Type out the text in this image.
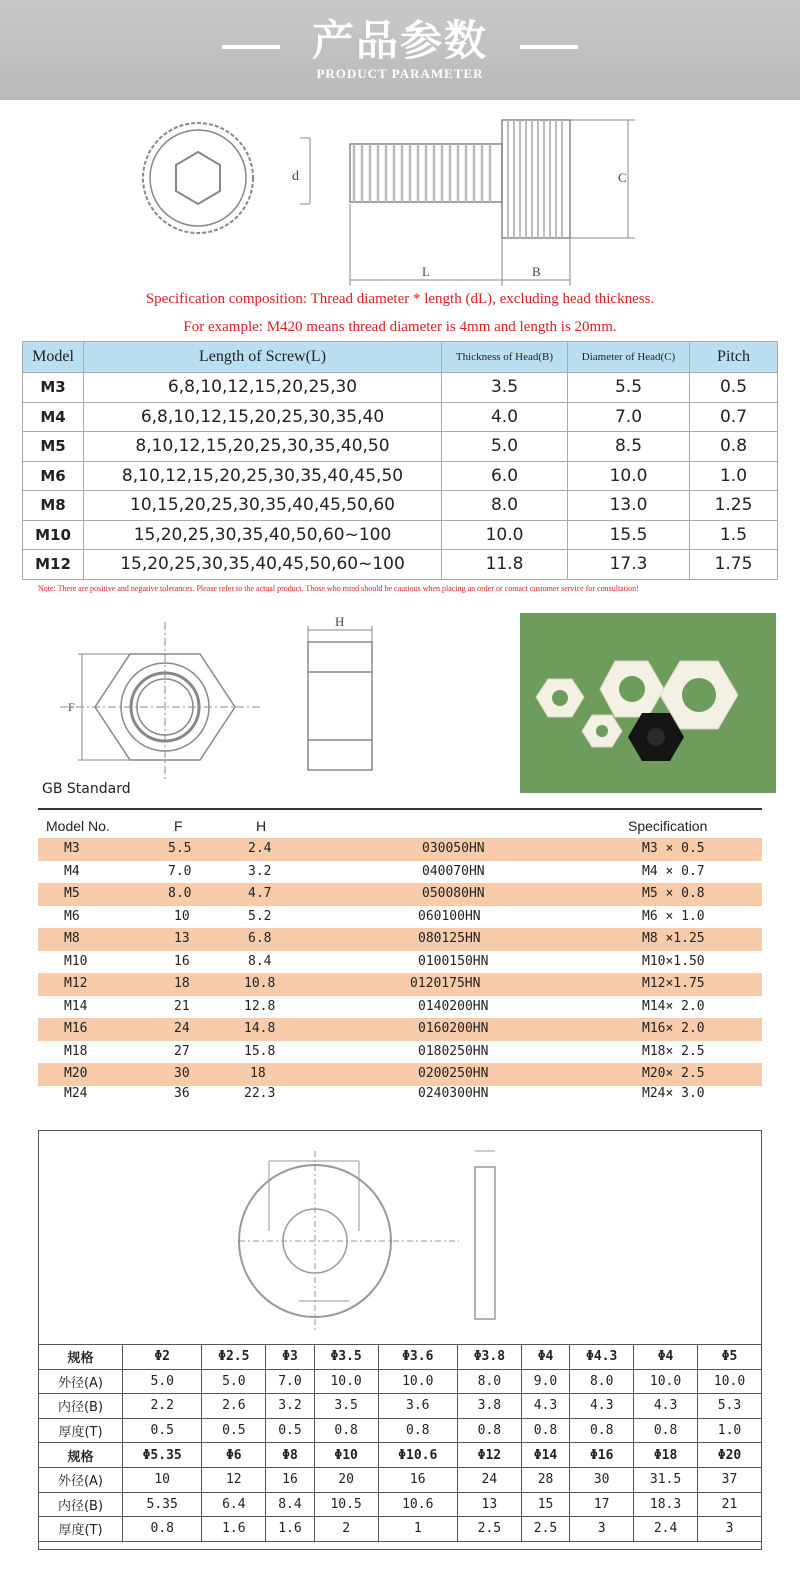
产品参数
PRODUCT PARAMETER
d	C
L	B
Specification composition: Thread diameter * length (dL), excluding head thickness.
For example: M420 means thread diameter is 4mm and length is 20mm.
Model	Length of Screw(L)	Thickness of Head(B)	Diameter of Head(C)	Pitch
M3	6,8,10,12,15,20,25,30	3.5	5.5	0.5
M4	6,8,10,12,15,20,25,30,35,40	4.0	7.0	0.7
M5	8,10,12,15,20,25,30,35,40,50	5.0	8.5	0.8
M6	8,10,12,15,20,25,30,35,40,45,50	6.0	10.0	1.0
M8	10,15,20,25,30,35,40,45,50,60	8.0	13.0	1.25
M10	15,20,25,30,35,40,50,60~100	10.0	15.5	1.5
M12	15,20,25,30,35,40,45,50,60~100	11.8	17.3	1.75
Note: There are positive and negative tolerances. Please refer to the actual product. Those who mind should be cautious when placing an order or contact customer service for consultation!
H
F
GB Standard
Model No.	F	H	Specification
M3	5.5	2.4	030050HN	M3 × 0.5
M4	7.0	3.2	040070HN	M4 × 0.7
M5	8.0	4.7	050080HN	M5 × 0.8
M6	10	5.2	060100HN	M6 × 1.0
M8	13	6.8	080125HN	M8 ×1.25
M10	16	8.4	0100150HN	M10×1.50
M12	18	10.8	0120175HN	M12×1.75
M14	21	12.8	0140200HN	M14× 2.0
M16	24	14.8	0160200HN	M16× 2.0
M18	27	15.8	0180250HN	M18× 2.5
M20	30	18	0200250HN	M20× 2.5
M24	36	22.3	0240300HN	M24× 3.0
规格	Φ2	Φ2.5	Φ3	Φ3.5	Φ3.6	Φ3.8	Φ4	Φ4.3	Φ4	Φ5
外径(A)	5.0	5.0	7.0	10.0	10.0	8.0	9.0	8.0	10.0	10.0
内径(B)	2.2	2.6	3.2	3.5	3.6	3.8	4.3	4.3	4.3	5.3
厚度(T)	0.5	0.5	0.5	0.8	0.8	0.8	0.8	0.8	0.8	1.0
规格	Φ5.35	Φ6	Φ8	Φ10	Φ10.6	Φ12	Φ14	Φ16	Φ18	Φ20
外径(A)	10	12	16	20	16	24	28	30	31.5	37
内径(B)	5.35	6.4	8.4	10.5	10.6	13	15	17	18.3	21
厚度(T)	0.8	1.6	1.6	2	1	2.5	2.5	3	2.4	3
